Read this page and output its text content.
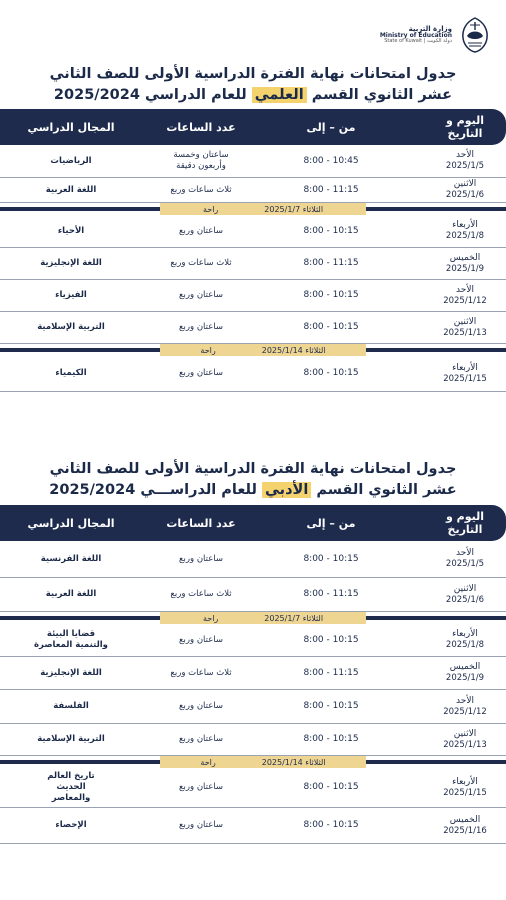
وزارة التربية
Ministry of Education
State of Kuwait | دولة الكويت
جدول امتحانات نهاية الفترة الدراسية الأولى للصف الثاني
عشر الثانوي القسم العلمي للعام الدراسي 2025/2024
اليوم و التاريخ
من – إلى
عدد الساعات
المجال الدراسي
الأحد
2025/1/5
8:00 - 10:45
ساعتان وخمسة وأربعون دقيقة
الرياضيات
الاثنين
2025/1/6
8:00 - 11:15
ثلاث ساعات وربع
اللغة العربية
الثلاثاء 2025/1/7
راحة
الأربعاء
2025/1/8
8:00 - 10:15
ساعتان وربع
الأحياء
الخميس
2025/1/9
8:00 - 11:15
ثلاث ساعات وربع
اللغة الإنجليزية
الأحد
2025/1/12
8:00 - 10:15
ساعتان وربع
الفيزياء
الاثنين
2025/1/13
8:00 - 10:15
ساعتان وربع
التربية الإسلامية
الثلاثاء 2025/1/14
راحة
الأربعاء
2025/1/15
8:00 - 10:15
ساعتان وربع
الكيمياء
جدول امتحانات نهاية الفترة الدراسية الأولى للصف الثاني
عشر الثانوي القسم الأدبي للعام الدراســـي 2025/2024
اليوم و التاريخ
من – إلى
عدد الساعات
المجال الدراسي
الأحد
2025/1/5
8:00 - 10:15
ساعتان وربع
اللغة الفرنسية
الاثنين
2025/1/6
8:00 - 11:15
ثلاث ساعات وربع
اللغة العربية
الثلاثاء 2025/1/7
راحة
الأربعاء
2025/1/8
8:00 - 10:15
ساعتان وربع
قضايا البيئة والتنمية المعاصرة
الخميس
2025/1/9
8:00 - 11:15
ثلاث ساعات وربع
اللغة الإنجليزية
الأحد
2025/1/12
8:00 - 10:15
ساعتان وربع
الفلسفة
الاثنين
2025/1/13
8:00 - 10:15
ساعتان وربع
التربية الإسلامية
الثلاثاء 2025/1/14
راحة
الأربعاء
2025/1/15
8:00 - 10:15
ساعتان وربع
تاريخ العالم الحديث والمعاصر
الخميس
2025/1/16
8:00 - 10:15
ساعتان وربع
الإحصاء
